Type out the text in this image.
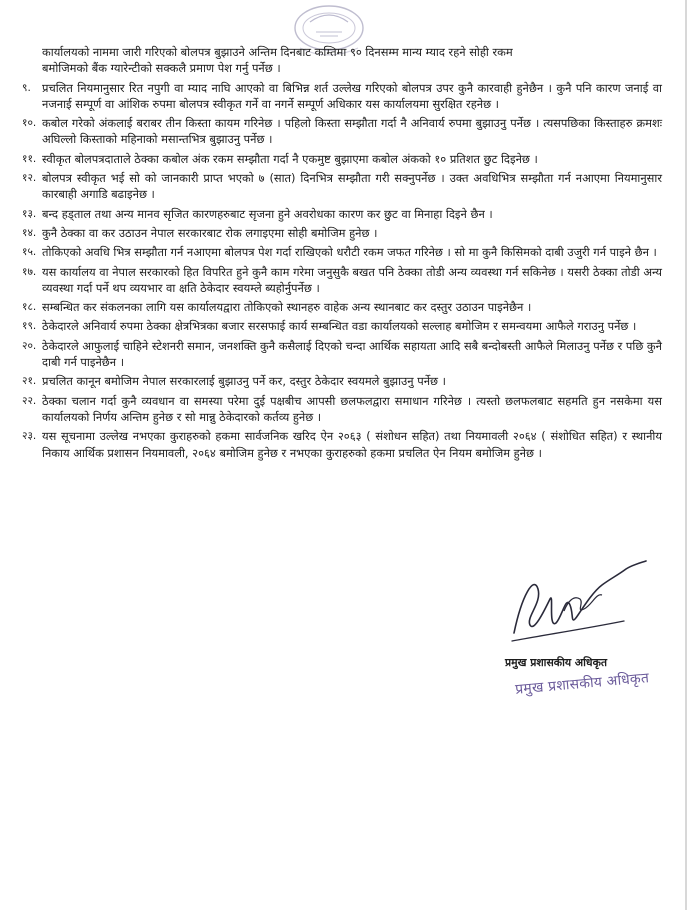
कार्यालयको नाममा जारी गरिएको बोलपत्र बुझाउने अन्तिम दिनबाट कम्तिमा ९० दिनसम्म मान्य म्याद रहने सोही रकम
बमोजिमको बैंक ग्यारेन्टीको सक्कलै प्रमाण पेश गर्नु पर्नेछ ।
९. प्रचलित नियमानुसार रित नपुगी वा म्याद नाघि आएको वा बिभिन्न शर्त उल्लेख गरिएको बोलपत्र उपर कुनै कारवाही हुनेछैन । कुनै पनि कारण जनाई वा नजनाई सम्पूर्ण वा आंशिक रुपमा बोलपत्र स्वीकृत गर्ने वा नगर्ने सम्पूर्ण अधिकार यस कार्यालयमा सुरक्षित रहनेछ ।
१०. कबोल गरेको अंकलाई बराबर तीन किस्ता कायम गरिनेछ । पहिलो किस्ता सम्झौता गर्दा नै अनिवार्य रुपमा बुझाउनु पर्नेछ । त्यसपछिका किस्ताहरु क्रमशः अघिल्लो किस्ताको महिनाको मसान्तभित्र बुझाउनु पर्नेछ ।
११. स्वीकृत बोलपत्रदाताले ठेक्का कबोल अंक रकम सम्झौता गर्दा नै एकमुष्ट बुझाएमा कबोल अंकको १० प्रतिशत छुट दिइनेछ ।
१२. बोलपत्र स्वीकृत भई सो को जानकारी प्राप्त भएको ७ (सात) दिनभित्र सम्झौता गरी सक्नुपर्नेछ । उक्त अवधिभित्र सम्झौता गर्न नआएमा नियमानुसार कारबाही अगाडि बढाइनेछ ।
१३. बन्द हड्ताल तथा अन्य मानव सृजित कारणहरुबाट सृजना हुने अवरोधका कारण कर छुट वा मिनाहा दिइने छैन ।
१४. कुनै ठेक्का वा कर उठाउन नेपाल सरकारबाट रोक लगाइएमा सोही बमोजिम हुनेछ ।
१५. तोकिएको अवधि भित्र सम्झौता गर्न नआएमा बोलपत्र पेश गर्दा राखिएको धरौटी रकम जफत गरिनेछ । सो मा कुनै किसिमको दाबी उजुरी गर्न पाइने छैन ।
१७. यस कार्यालय वा नेपाल सरकारको हित विपरित हुने कुनै काम गरेमा जनुसुकै बखत पनि ठेक्का तोडी अन्य व्यवस्था गर्न सकिनेछ । यसरी ठेक्का तोडी अन्य व्यवस्था गर्दा पर्ने थप व्ययभार वा क्षति ठेकेदार स्वयम्ले ब्यहोर्नुपर्नेछ ।
१८. सम्बन्धित कर संकलनका लागि यस कार्यालयद्वारा तोकिएको स्थानहरु वाहेक अन्य स्थानबाट कर दस्तुर उठाउन पाइनेछैन ।
१९. ठेकेदारले अनिवार्य रुपमा ठेक्का क्षेत्रभित्रका बजार सरसफाई कार्य सम्बन्धित वडा कार्यालयको सल्लाह बमोजिम र समन्वयमा आफैले गराउनु पर्नेछ ।
२०. ठेकेदारले आफुलाई चाहिने स्टेशनरी समान, जनशक्ति कुनै कसैलाई दिएको चन्दा आर्थिक सहायता आदि सबै बन्दोबस्ती आफैले मिलाउनु पर्नेछ र पछि कुनै दाबी गर्न पाइनेछैन ।
२१. प्रचलित कानून बमोजिम नेपाल सरकारलाई बुझाउनु पर्ने कर, दस्तुर ठेकेदार स्वयमले बुझाउनु पर्नेछ ।
२२. ठेक्का चलान गर्दा कुनै व्यवधान वा समस्या परेमा दुई पक्षबीच आपसी छलफलद्वारा समाधान गरिनेछ । त्यस्तो छलफलबाट सहमति हुन नसकेमा यस कार्यालयको निर्णय अन्तिम हुनेछ र सो मान्नु ठेकेदारको कर्तव्य हुनेछ ।
२३. यस सूचनामा उल्लेख नभएका कुराहरुको हकमा सार्वजनिक खरिद ऐन २०६३ ( संशोधन सहित) तथा नियमावली २०६४ ( संशोधित सहित) र स्थानीय निकाय आर्थिक प्रशासन नियमावली, २०६४ बमोजिम हुनेछ र नभएका कुराहरुको हकमा प्रचलित ऐन नियम बमोजिम हुनेछ ।
प्रमुख प्रशासकीय अधिकृत
प्रमुख प्रशासकीय अधिकृत
